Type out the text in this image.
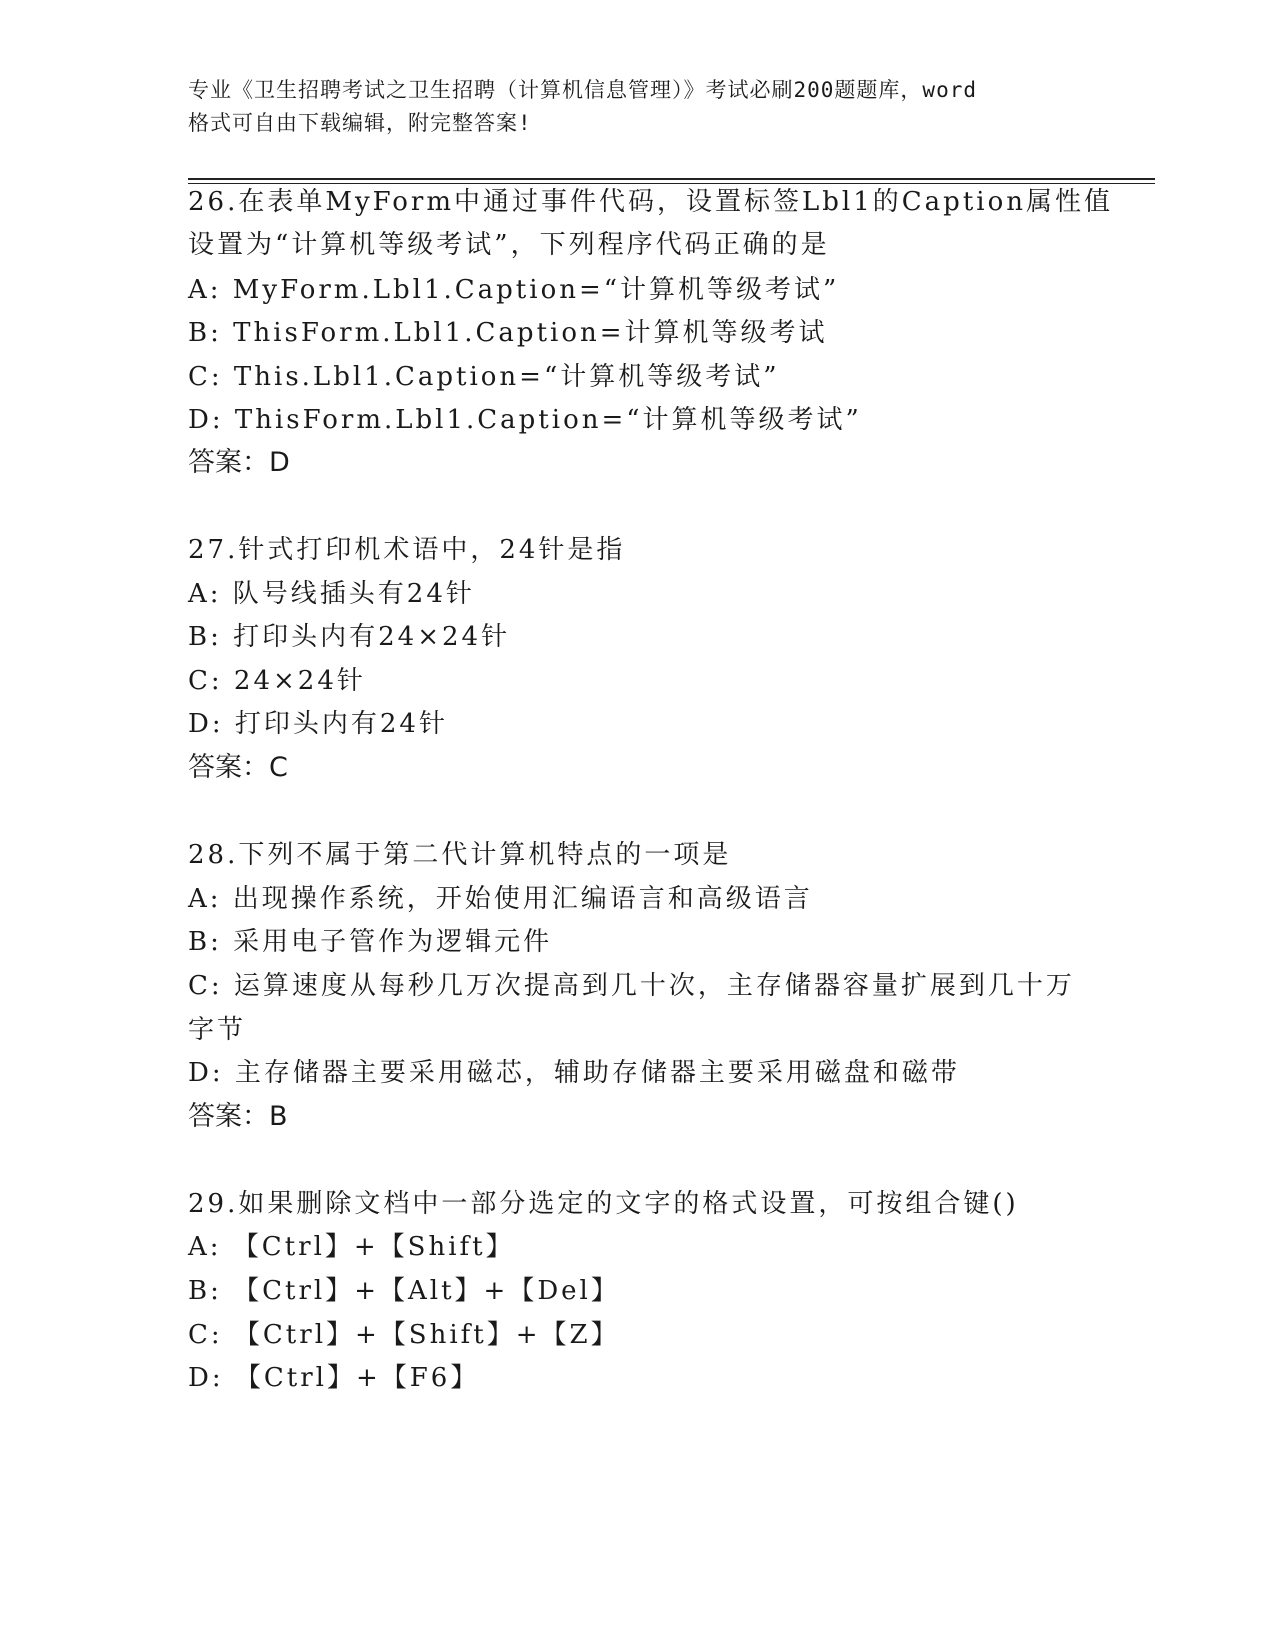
专业《卫生招聘考试之卫生招聘（计算机信息管理）》考试必刷200题题库，word

格式可自由下载编辑，附完整答案!

26.在表单MyForm中通过事件代码，设置标签Lbl1的Caption属性值
设置为“计算机等级考试”，下列程序代码正确的是
A: MyForm.Lbl1.Caption=“计算机等级考试”
B: ThisForm.Lbl1.Caption=计算机等级考试
C: This.Lbl1.Caption=“计算机等级考试”
D: ThisForm.Lbl1.Caption=“计算机等级考试”
答案：D
27.针式打印机术语中，24针是指
A: 队号线插头有24针
B: 打印头内有24×24针
C: 24×24针
D: 打印头内有24针
答案：C
28.下列不属于第二代计算机特点的一项是
A: 出现操作系统，开始使用汇编语言和高级语言
B: 采用电子管作为逻辑元件
C: 运算速度从每秒几万次提高到几十次，主存储器容量扩展到几十万
字节
D: 主存储器主要采用磁芯，辅助存储器主要采用磁盘和磁带
答案：B
29.如果删除文档中一部分选定的文字的格式设置，可按组合键()
A: 【Ctrl】+【Shift】
B: 【Ctrl】+【Alt】+【Del】
C: 【Ctrl】+【Shift】+【Z】
D: 【Ctrl】+【F6】
